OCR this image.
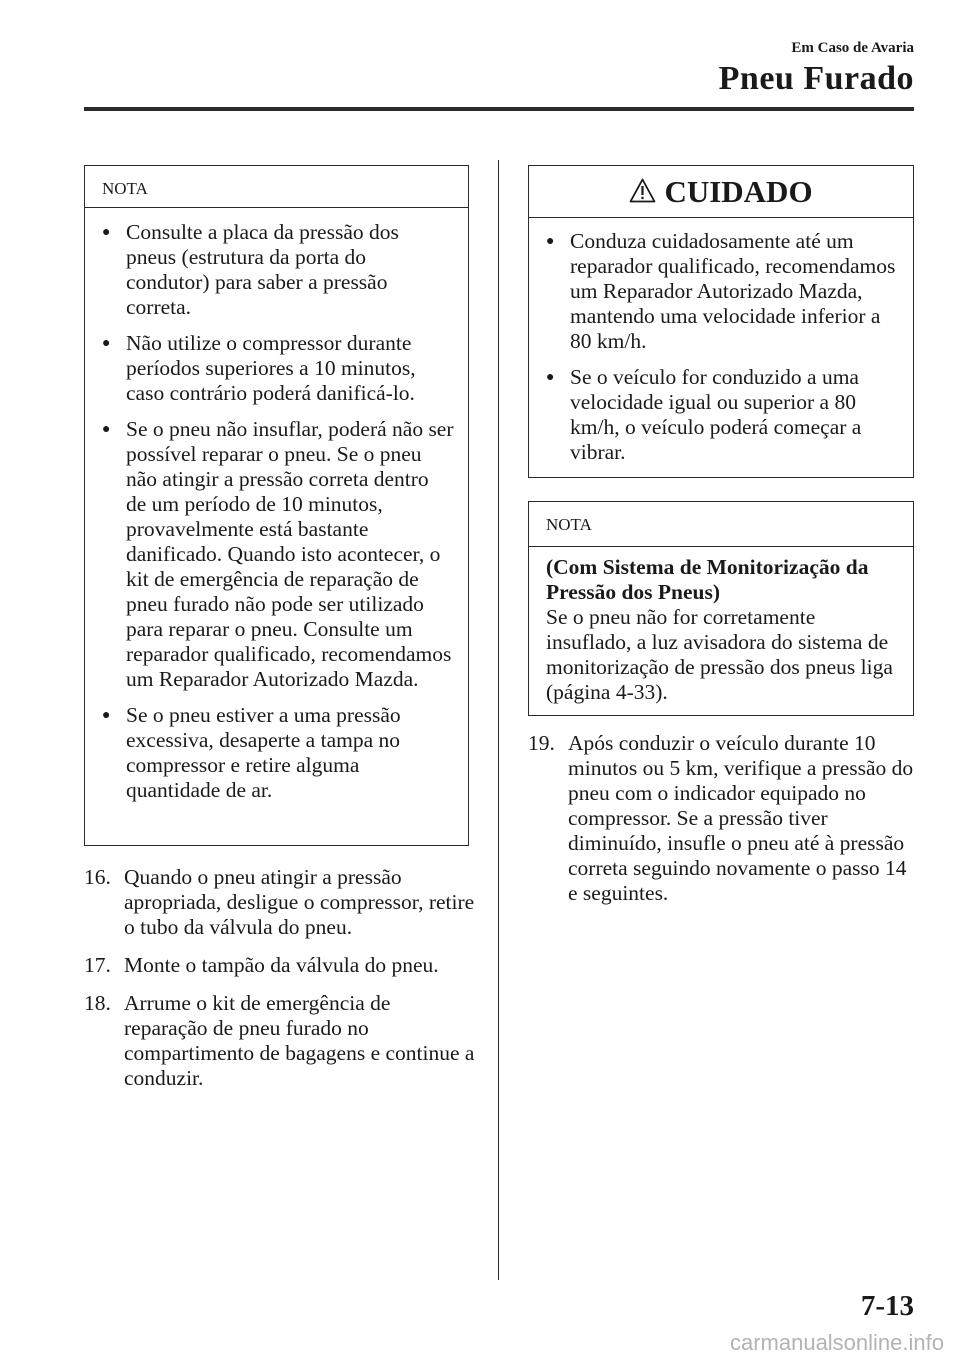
Em Caso de Avaria
Pneu Furado
NOTA
● Consulte a placa da pressão dos pneus (estrutura da porta do condutor) para saber a pressão correta.
● Não utilize o compressor durante períodos superiores a 10 minutos, caso contrário poderá danificá-lo.
● Se o pneu não insuflar, poderá não ser possível reparar o pneu. Se o pneu não atingir a pressão correta dentro de um período de 10 minutos, provavelmente está bastante danificado. Quando isto acontecer, o kit de emergência de reparação de pneu furado não pode ser utilizado para reparar o pneu. Consulte um reparador qualificado, recomendamos um Reparador Autorizado Mazda.
● Se o pneu estiver a uma pressão excessiva, desaperte a tampa no compressor e retire alguma quantidade de ar.
16. Quando o pneu atingir a pressão apropriada, desligue o compressor, retire o tubo da válvula do pneu.
17. Monte o tampão da válvula do pneu.
18. Arrume o kit de emergência de reparação de pneu furado no compartimento de bagagens e continue a conduzir.
CUIDADO
● Conduza cuidadosamente até um reparador qualificado, recomendamos um Reparador Autorizado Mazda, mantendo uma velocidade inferior a 80 km/h.
● Se o veículo for conduzido a uma velocidade igual ou superior a 80 km/h, o veículo poderá começar a vibrar.
NOTA
(Com Sistema de Monitorização da Pressão dos Pneus)
Se o pneu não for corretamente insuflado, a luz avisadora do sistema de monitorização de pressão dos pneus liga (página 4-33).
19. Após conduzir o veículo durante 10 minutos ou 5 km, verifique a pressão do pneu com o indicador equipado no compressor. Se a pressão tiver diminuído, insufle o pneu até à pressão correta seguindo novamente o passo 14 e seguintes.
7-13
carmanualsonline.info
